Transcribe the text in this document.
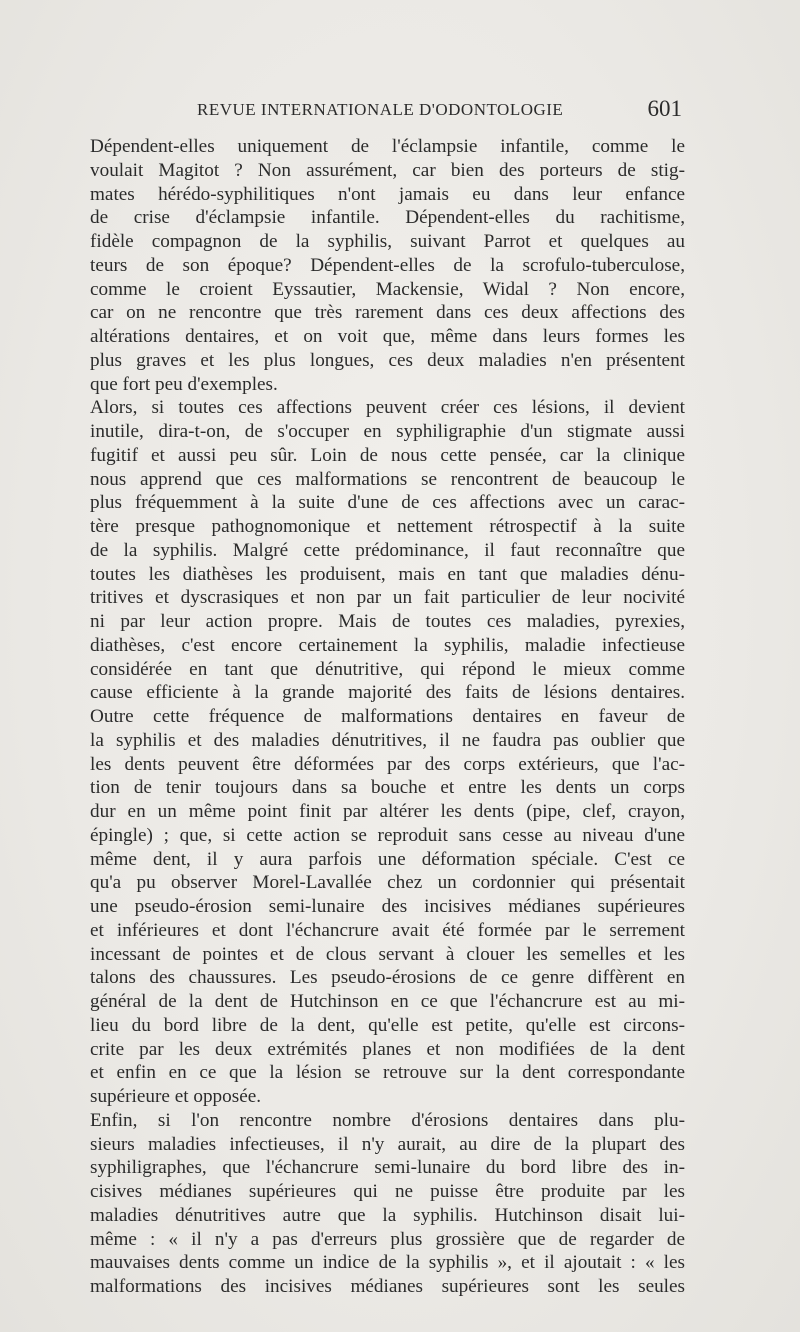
REVUE INTERNATIONALE D'ODONTOLOGIE	601
Dépendent-elles uniquement de l'éclampsie infantile, comme le
voulait Magitot ? Non assurément, car bien des porteurs de stig-
mates hérédo-syphilitiques n'ont jamais eu dans leur enfance
de crise d'éclampsie infantile. Dépendent-elles du rachitisme,
fidèle compagnon de la syphilis, suivant Parrot et quelques au
teurs de son époque? Dépendent-elles de la scrofulo-tuberculose,
comme le croient Eyssautier, Mackensie, Widal ? Non encore,
car on ne rencontre que très rarement dans ces deux affections des
altérations dentaires, et on voit que, même dans leurs formes les
plus graves et les plus longues, ces deux maladies n'en présentent
que fort peu d'exemples.
Alors, si toutes ces affections peuvent créer ces lésions, il devient
inutile, dira-t-on, de s'occuper en syphiligraphie d'un stigmate aussi
fugitif et aussi peu sûr. Loin de nous cette pensée, car la clinique
nous apprend que ces malformations se rencontrent de beaucoup le
plus fréquemment à la suite d'une de ces affections avec un carac-
tère presque pathognomonique et nettement rétrospectif à la suite
de la syphilis. Malgré cette prédominance, il faut reconnaître que
toutes les diathèses les produisent, mais en tant que maladies dénu-
tritives et dyscrasiques et non par un fait particulier de leur nocivité
ni par leur action propre. Mais de toutes ces maladies, pyrexies,
diathèses, c'est encore certainement la syphilis, maladie infectieuse
considérée en tant que dénutritive, qui répond le mieux comme
cause efficiente à la grande majorité des faits de lésions dentaires.
Outre cette fréquence de malformations dentaires en faveur de
la syphilis et des maladies dénutritives, il ne faudra pas oublier que
les dents peuvent être déformées par des corps extérieurs, que l'ac-
tion de tenir toujours dans sa bouche et entre les dents un corps
dur en un même point finit par altérer les dents (pipe, clef, crayon,
épingle) ; que, si cette action se reproduit sans cesse au niveau d'une
même dent, il y aura parfois une déformation spéciale. C'est ce
qu'a pu observer Morel-Lavallée chez un cordonnier qui présentait
une pseudo-érosion semi-lunaire des incisives médianes supérieures
et inférieures et dont l'échancrure avait été formée par le serrement
incessant de pointes et de clous servant à clouer les semelles et les
talons des chaussures. Les pseudo-érosions de ce genre diffèrent en
général de la dent de Hutchinson en ce que l'échancrure est au mi-
lieu du bord libre de la dent, qu'elle est petite, qu'elle est circons-
crite par les deux extrémités planes et non modifiées de la dent
et enfin en ce que la lésion se retrouve sur la dent correspondante
supérieure et opposée.
Enfin, si l'on rencontre nombre d'érosions dentaires dans plu-
sieurs maladies infectieuses, il n'y aurait, au dire de la plupart des
syphiligraphes, que l'échancrure semi-lunaire du bord libre des in-
cisives médianes supérieures qui ne puisse être produite par les
maladies dénutritives autre que la syphilis. Hutchinson disait lui-
même : « il n'y a pas d'erreurs plus grossière que de regarder de
mauvaises dents comme un indice de la syphilis », et il ajoutait : « les
malformations des incisives médianes supérieures sont les seules
